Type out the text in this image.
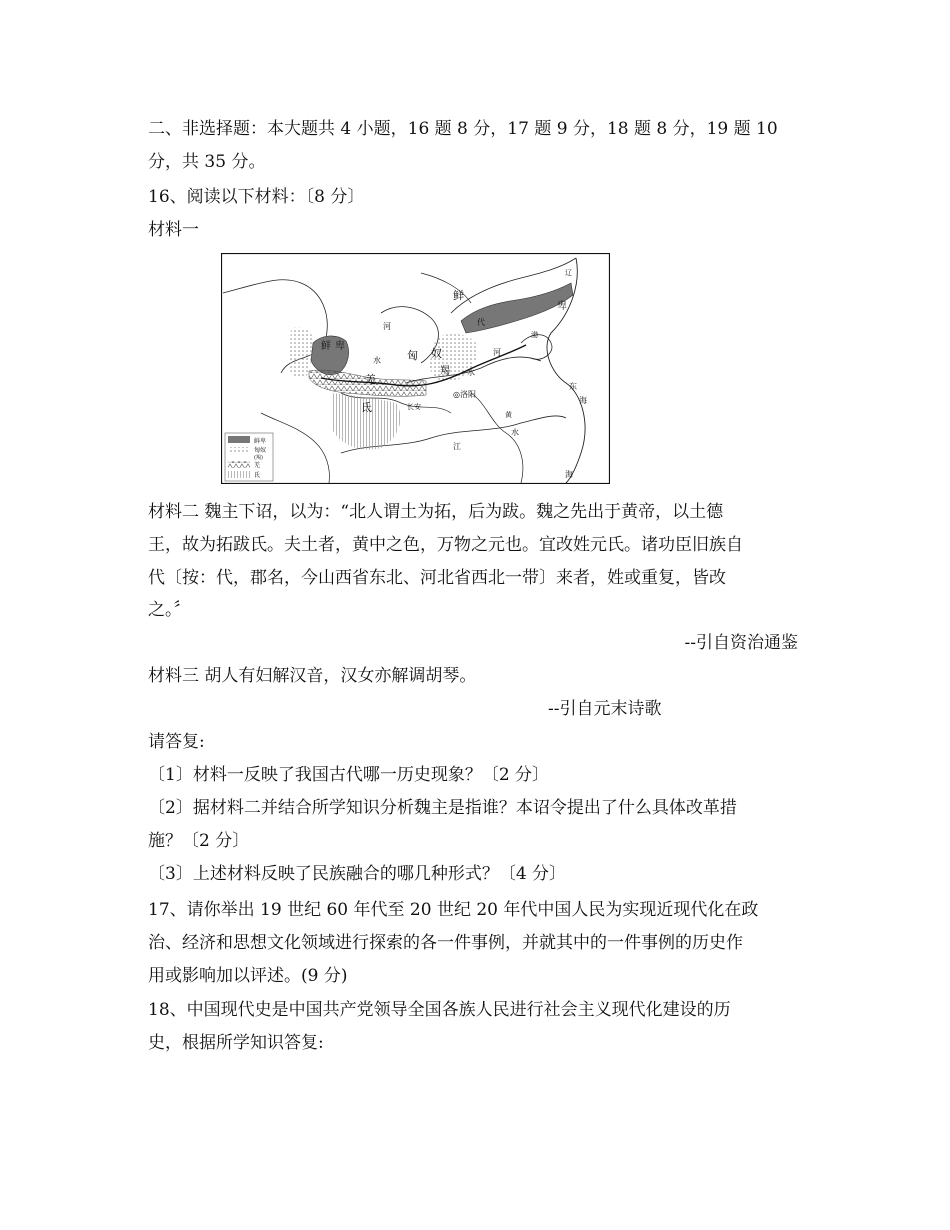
二、非选择题：本大题共 4 小题，16 题 8 分，17 题 9 分，18 题 8 分，19 题 10
分，共 35 分。
16、阅读以下材料：〔8 分〕
材料一
鲜
卑
鲜 卑
匈 奴
羯
羌
氐
河
河
水
水
水
代
◎洛阳
长安
江
东
海
海
辽
渤
黄
鲜卑
匈奴
(羯)
羌
氐
材料二 魏主下诏，以为：“北人谓土为拓，后为跋。魏之先出于黄帝，以土德
王，故为拓跋氏。夫土者，黄中之色，万物之元也。宜改姓元氏。诸功臣旧族自
代〔按：代，郡名，今山西省东北、河北省西北一带〕来者，姓或重复，皆改
之。〞
--引自资治通鉴
材料三 胡人有妇解汉音，汉女亦解调胡琴。
--引自元末诗歌
请答复:
〔1〕材料一反映了我国古代哪一历史现象？〔2 分〕
〔2〕据材料二并结合所学知识分析魏主是指谁？本诏令提出了什么具体改革措
施？〔2 分〕
〔3〕上述材料反映了民族融合的哪几种形式？〔4 分〕
17、请你举出 19 世纪 60 年代至 20 世纪 20 年代中国人民为实现近现代化在政
治、经济和思想文化领域进行探索的各一件事例，并就其中的一件事例的历史作
用或影响加以评述。(9 分)
18、中国现代史是中国共产党领导全国各族人民进行社会主义现代化建设的历
史，根据所学知识答复:
